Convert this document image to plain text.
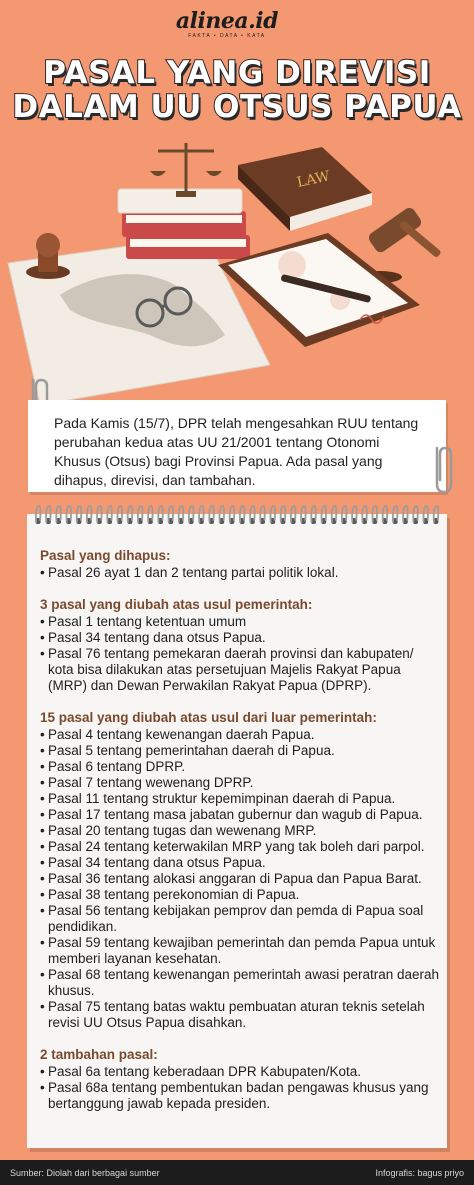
alinea.id
FAKTA • DATA • KATA
PASAL YANG DIREVISI
DALAM UU OTSUS PAPUA
LAW

Pada Kamis (15/7), DPR telah mengesahkan RUU tentang perubahan kedua atas UU 21/2001 tentang Otonomi Khusus (Otsus) bagi Provinsi Papua. Ada pasal yang dihapus, direvisi, dan tambahan.

Pasal yang dihapus:
• Pasal 26 ayat 1 dan 2 tentang partai politik lokal.
3 pasal yang diubah atas usul pemerintah:
• Pasal 1 tentang ketentuan umum
• Pasal 34 tentang dana otsus Papua.
• Pasal 76 tentang pemekaran daerah provinsi dan kabupaten/ kota bisa dilakukan atas persetujuan Majelis Rakyat Papua (MRP) dan Dewan Perwakilan Rakyat Papua (DPRP).
15 pasal yang diubah atas usul dari luar pemerintah:
• Pasal 4 tentang kewenangan daerah Papua.
• Pasal 5 tentang pemerintahan daerah di Papua.
• Pasal 6 tentang DPRP.
• Pasal 7 tentang wewenang DPRP.
• Pasal 11 tentang struktur kepemimpinan daerah di Papua.
• Pasal 17 tentang masa jabatan gubernur dan wagub di Papua.
• Pasal 20 tentang tugas dan wewenang MRP.
• Pasal 24 tentang keterwakilan MRP yang tak boleh dari parpol.
• Pasal 34 tentang dana otsus Papua.
• Pasal 36 tentang alokasi anggaran di Papua dan Papua Barat.
• Pasal 38 tentang perekonomian di Papua.
• Pasal 56 tentang kebijakan pemprov dan pemda di Papua soal pendidikan.
• Pasal 59 tentang kewajiban pemerintah dan pemda Papua untuk memberi layanan kesehatan.
• Pasal 68 tentang kewenangan pemerintah awasi peratran daerah khusus.
• Pasal 75 tentang batas waktu pembuatan aturan teknis setelah revisi UU Otsus Papua disahkan.
2 tambahan pasal:
• Pasal 6a tentang keberadaan DPR Kabupaten/Kota.
• Pasal 68a tentang pembentukan badan pengawas khusus yang bertanggung jawab kepada presiden.
Sumber: Diolah dari berbagai sumber	Infografis: bagus priyo
